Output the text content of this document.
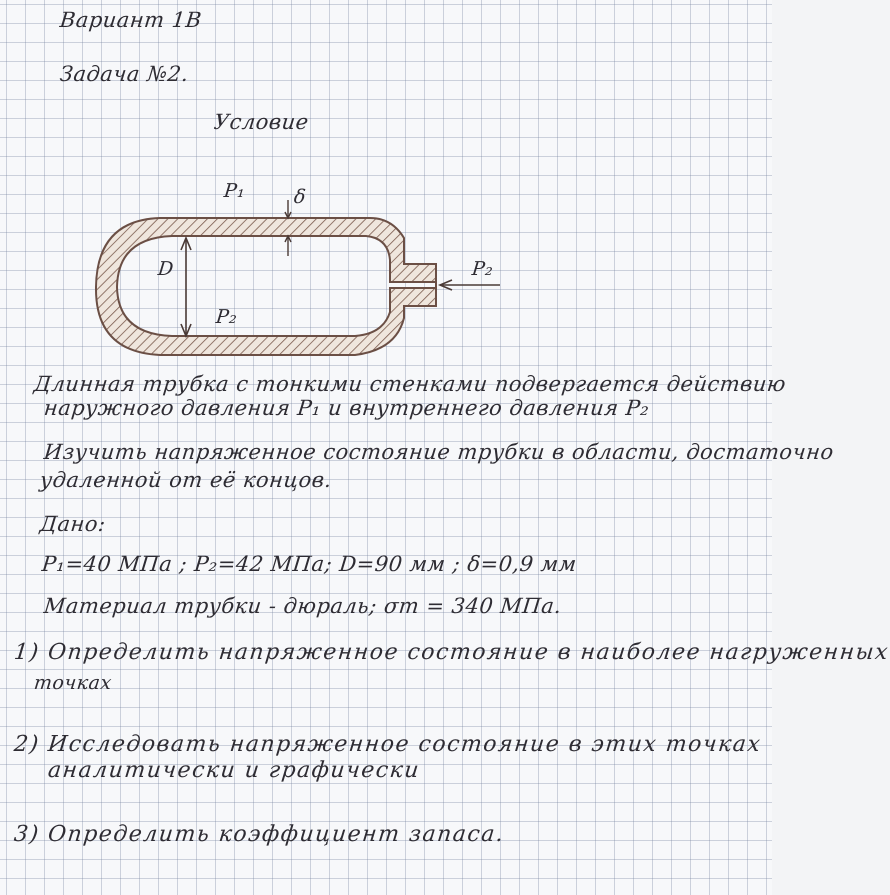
Вариант 1В
Задача №2.
Условие
P₁ δ
D
P₂
P₂
Длинная трубка с тонкими стенками подвергается действию
наружного давления P₁ и внутреннего давления P₂
Изучить напряженное состояние трубки в области, достаточно
удаленной от её концов.
Дано:
P₁=40 МПа ; P₂=42 МПа; D=90 мм ; δ=0,9 мм
Материал трубки - дюраль; σт = 340 МПа.
1) Определить напряженное состояние в наиболее нагруженных
точках
2) Исследовать напряженное состояние в этих точках
аналитически и графически
3) Определить коэффициент запаса.
